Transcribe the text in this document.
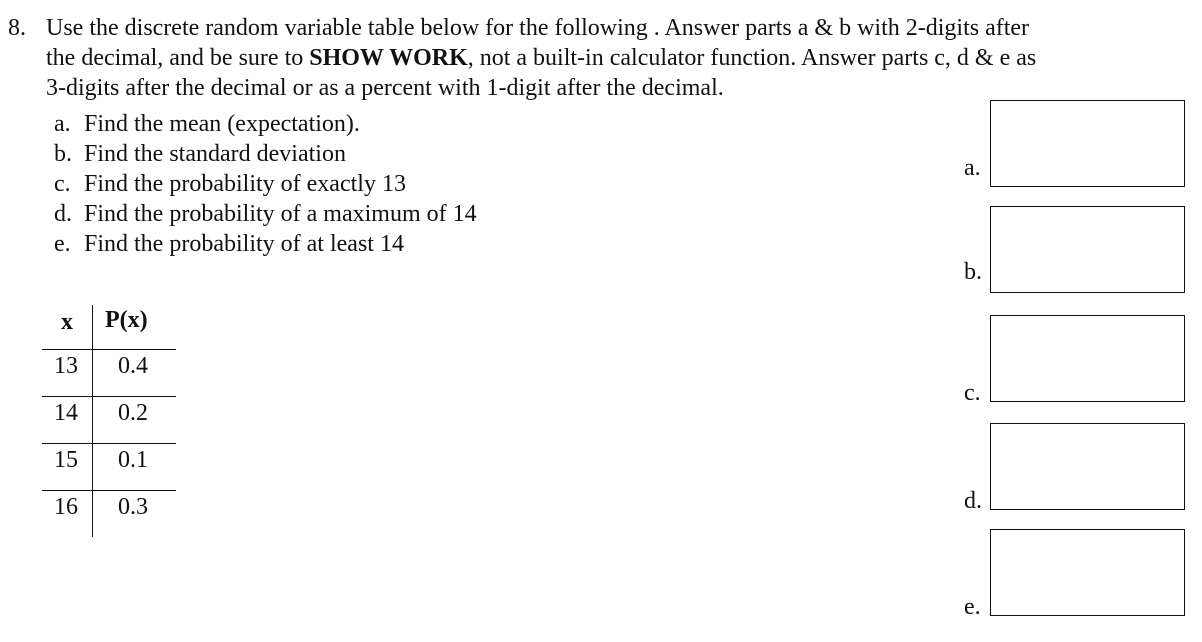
8. Use the discrete random variable table below for the following . Answer parts a & b with 2-digits after
the decimal, and be sure to SHOW WORK, not a built-in calculator function. Answer parts c, d & e as
3-digits after the decimal or as a percent with 1-digit after the decimal.
a. Find the mean (expectation).
b. Find the standard deviation
c. Find the probability of exactly 13
d. Find the probability of a maximum of 14
e. Find the probability of at least 14
x P(x)
13	0.4
14	0.2
15	0.1
16	0.3
a.
b.
c.
d.
e.
